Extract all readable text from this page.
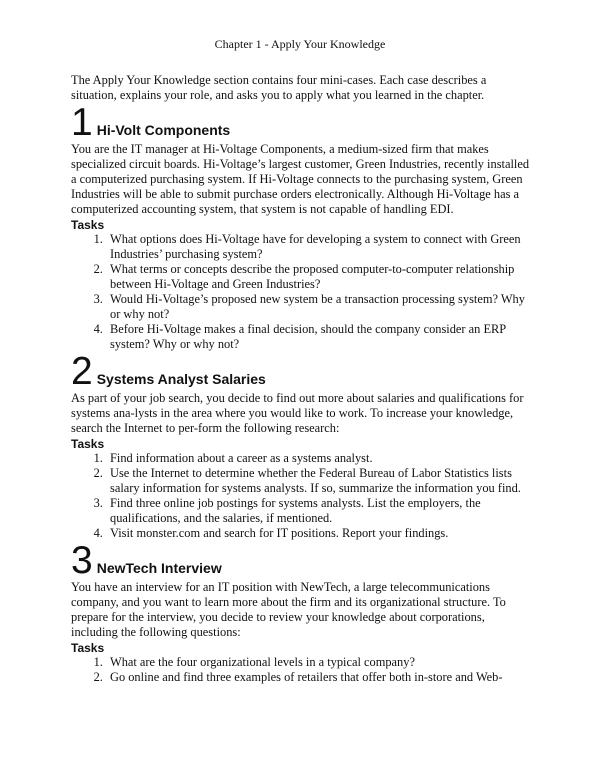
Chapter 1 - Apply Your Knowledge

The Apply Your Knowledge section contains four mini-cases. Each case describes a situation, explains your role, and asks you to apply what you learned in the chapter.

1 Hi-Volt Components

You are the IT manager at Hi-Voltage Components, a medium-sized firm that makes specialized circuit boards. Hi-Voltage’s largest customer, Green Industries, recently installed a computerized purchasing system. If Hi-Voltage connects to the purchasing system, Green Industries will be able to submit purchase orders electronically. Although Hi-Voltage has a computerized accounting system, that system is not capable of handling EDI.

Tasks
1. What options does Hi-Voltage have for developing a system to connect with Green Industries’ purchasing system?
2. What terms or concepts describe the proposed computer-to-computer relationship between Hi-Voltage and Green Industries?
3. Would Hi-Voltage’s proposed new system be a transaction processing system? Why or why not?
4. Before Hi-Voltage makes a final decision, should the company consider an ERP system? Why or why not?
2 Systems Analyst Salaries

As part of your job search, you decide to find out more about salaries and qualifications for systems ana-lysts in the area where you would like to work. To increase your knowledge, search the Internet to per-form the following research:

Tasks
1. Find information about a career as a systems analyst.
2. Use the Internet to determine whether the Federal Bureau of Labor Statistics lists salary information for systems analysts. If so, summarize the information you find.
3. Find three online job postings for systems analysts. List the employers, the qualifications, and the salaries, if mentioned.
4. Visit monster.com and search for IT positions. Report your findings.
3 NewTech Interview

You have an interview for an IT position with NewTech, a large telecommunications company, and you want to learn more about the firm and its organizational structure. To prepare for the interview, you decide to review your knowledge about corporations, including the following questions:

Tasks
1. What are the four organizational levels in a typical company?
2. Go online and find three examples of retailers that offer both in-store and Web-
